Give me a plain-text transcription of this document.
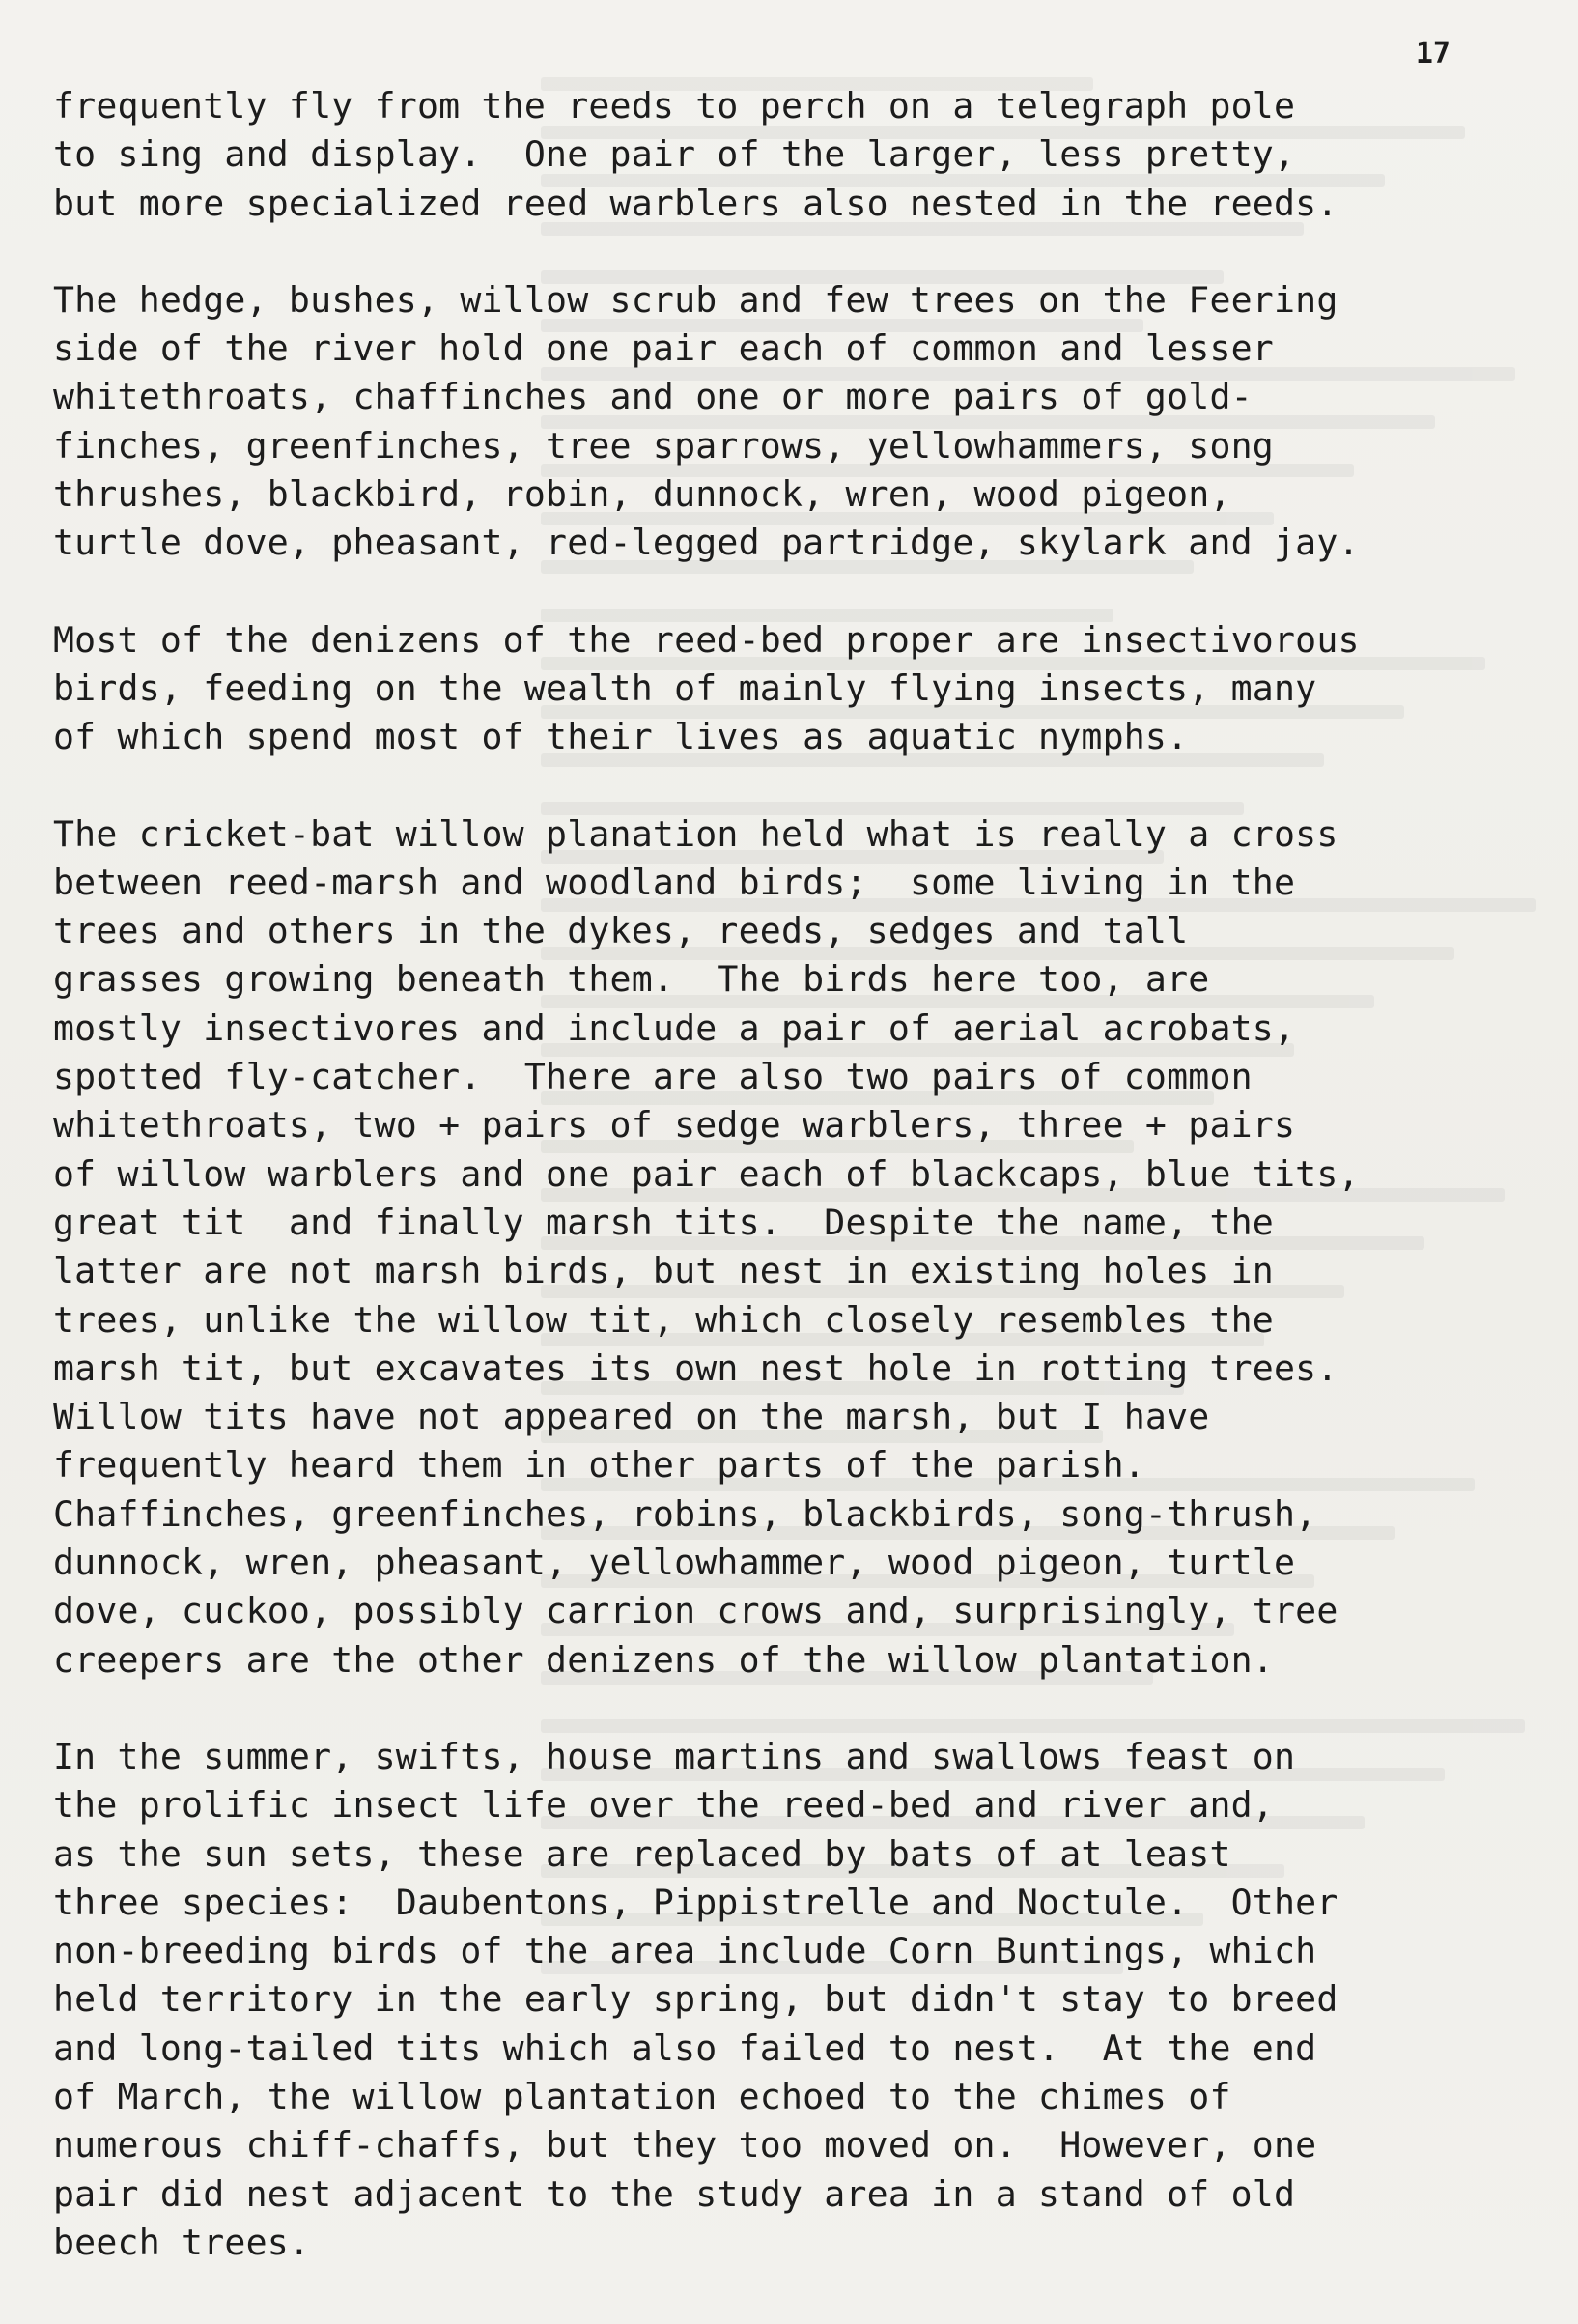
17

frequently fly from the reeds to perch on a telegraph pole
to sing and display.  One pair of the larger, less pretty,
but more specialized reed warblers also nested in the reeds.

The hedge, bushes, willow scrub and few trees on the Feering
side of the river hold one pair each of common and lesser
whitethroats, chaffinches and one or more pairs of gold-
finches, greenfinches, tree sparrows, yellowhammers, song
thrushes, blackbird, robin, dunnock, wren, wood pigeon,
turtle dove, pheasant, red-legged partridge, skylark and jay.

Most of the denizens of the reed-bed proper are insectivorous
birds, feeding on the wealth of mainly flying insects, many
of which spend most of their lives as aquatic nymphs.

The cricket-bat willow planation held what is really a cross
between reed-marsh and woodland birds;  some living in the
trees and others in the dykes, reeds, sedges and tall
grasses growing beneath them.  The birds here too, are
mostly insectivores and include a pair of aerial acrobats,
spotted fly-catcher.  There are also two pairs of common
whitethroats, two + pairs of sedge warblers, three + pairs
of willow warblers and one pair each of blackcaps, blue tits,
great tit  and finally marsh tits.  Despite the name, the
latter are not marsh birds, but nest in existing holes in
trees, unlike the willow tit, which closely resembles the
marsh tit, but excavates its own nest hole in rotting trees.
Willow tits have not appeared on the marsh, but I have
frequently heard them in other parts of the parish.
Chaffinches, greenfinches, robins, blackbirds, song-thrush,
dunnock, wren, pheasant, yellowhammer, wood pigeon, turtle
dove, cuckoo, possibly carrion crows and, surprisingly, tree
creepers are the other denizens of the willow plantation.

In the summer, swifts, house martins and swallows feast on
the prolific insect life over the reed-bed and river and,
as the sun sets, these are replaced by bats of at least
three species:  Daubentons, Pippistrelle and Noctule.  Other
non-breeding birds of the area include Corn Buntings, which
held territory in the early spring, but didn't stay to breed
and long-tailed tits which also failed to nest.  At the end
of March, the willow plantation echoed to the chimes of
numerous chiff-chaffs, but they too moved on.  However, one
pair did nest adjacent to the study area in a stand of old
beech trees.
